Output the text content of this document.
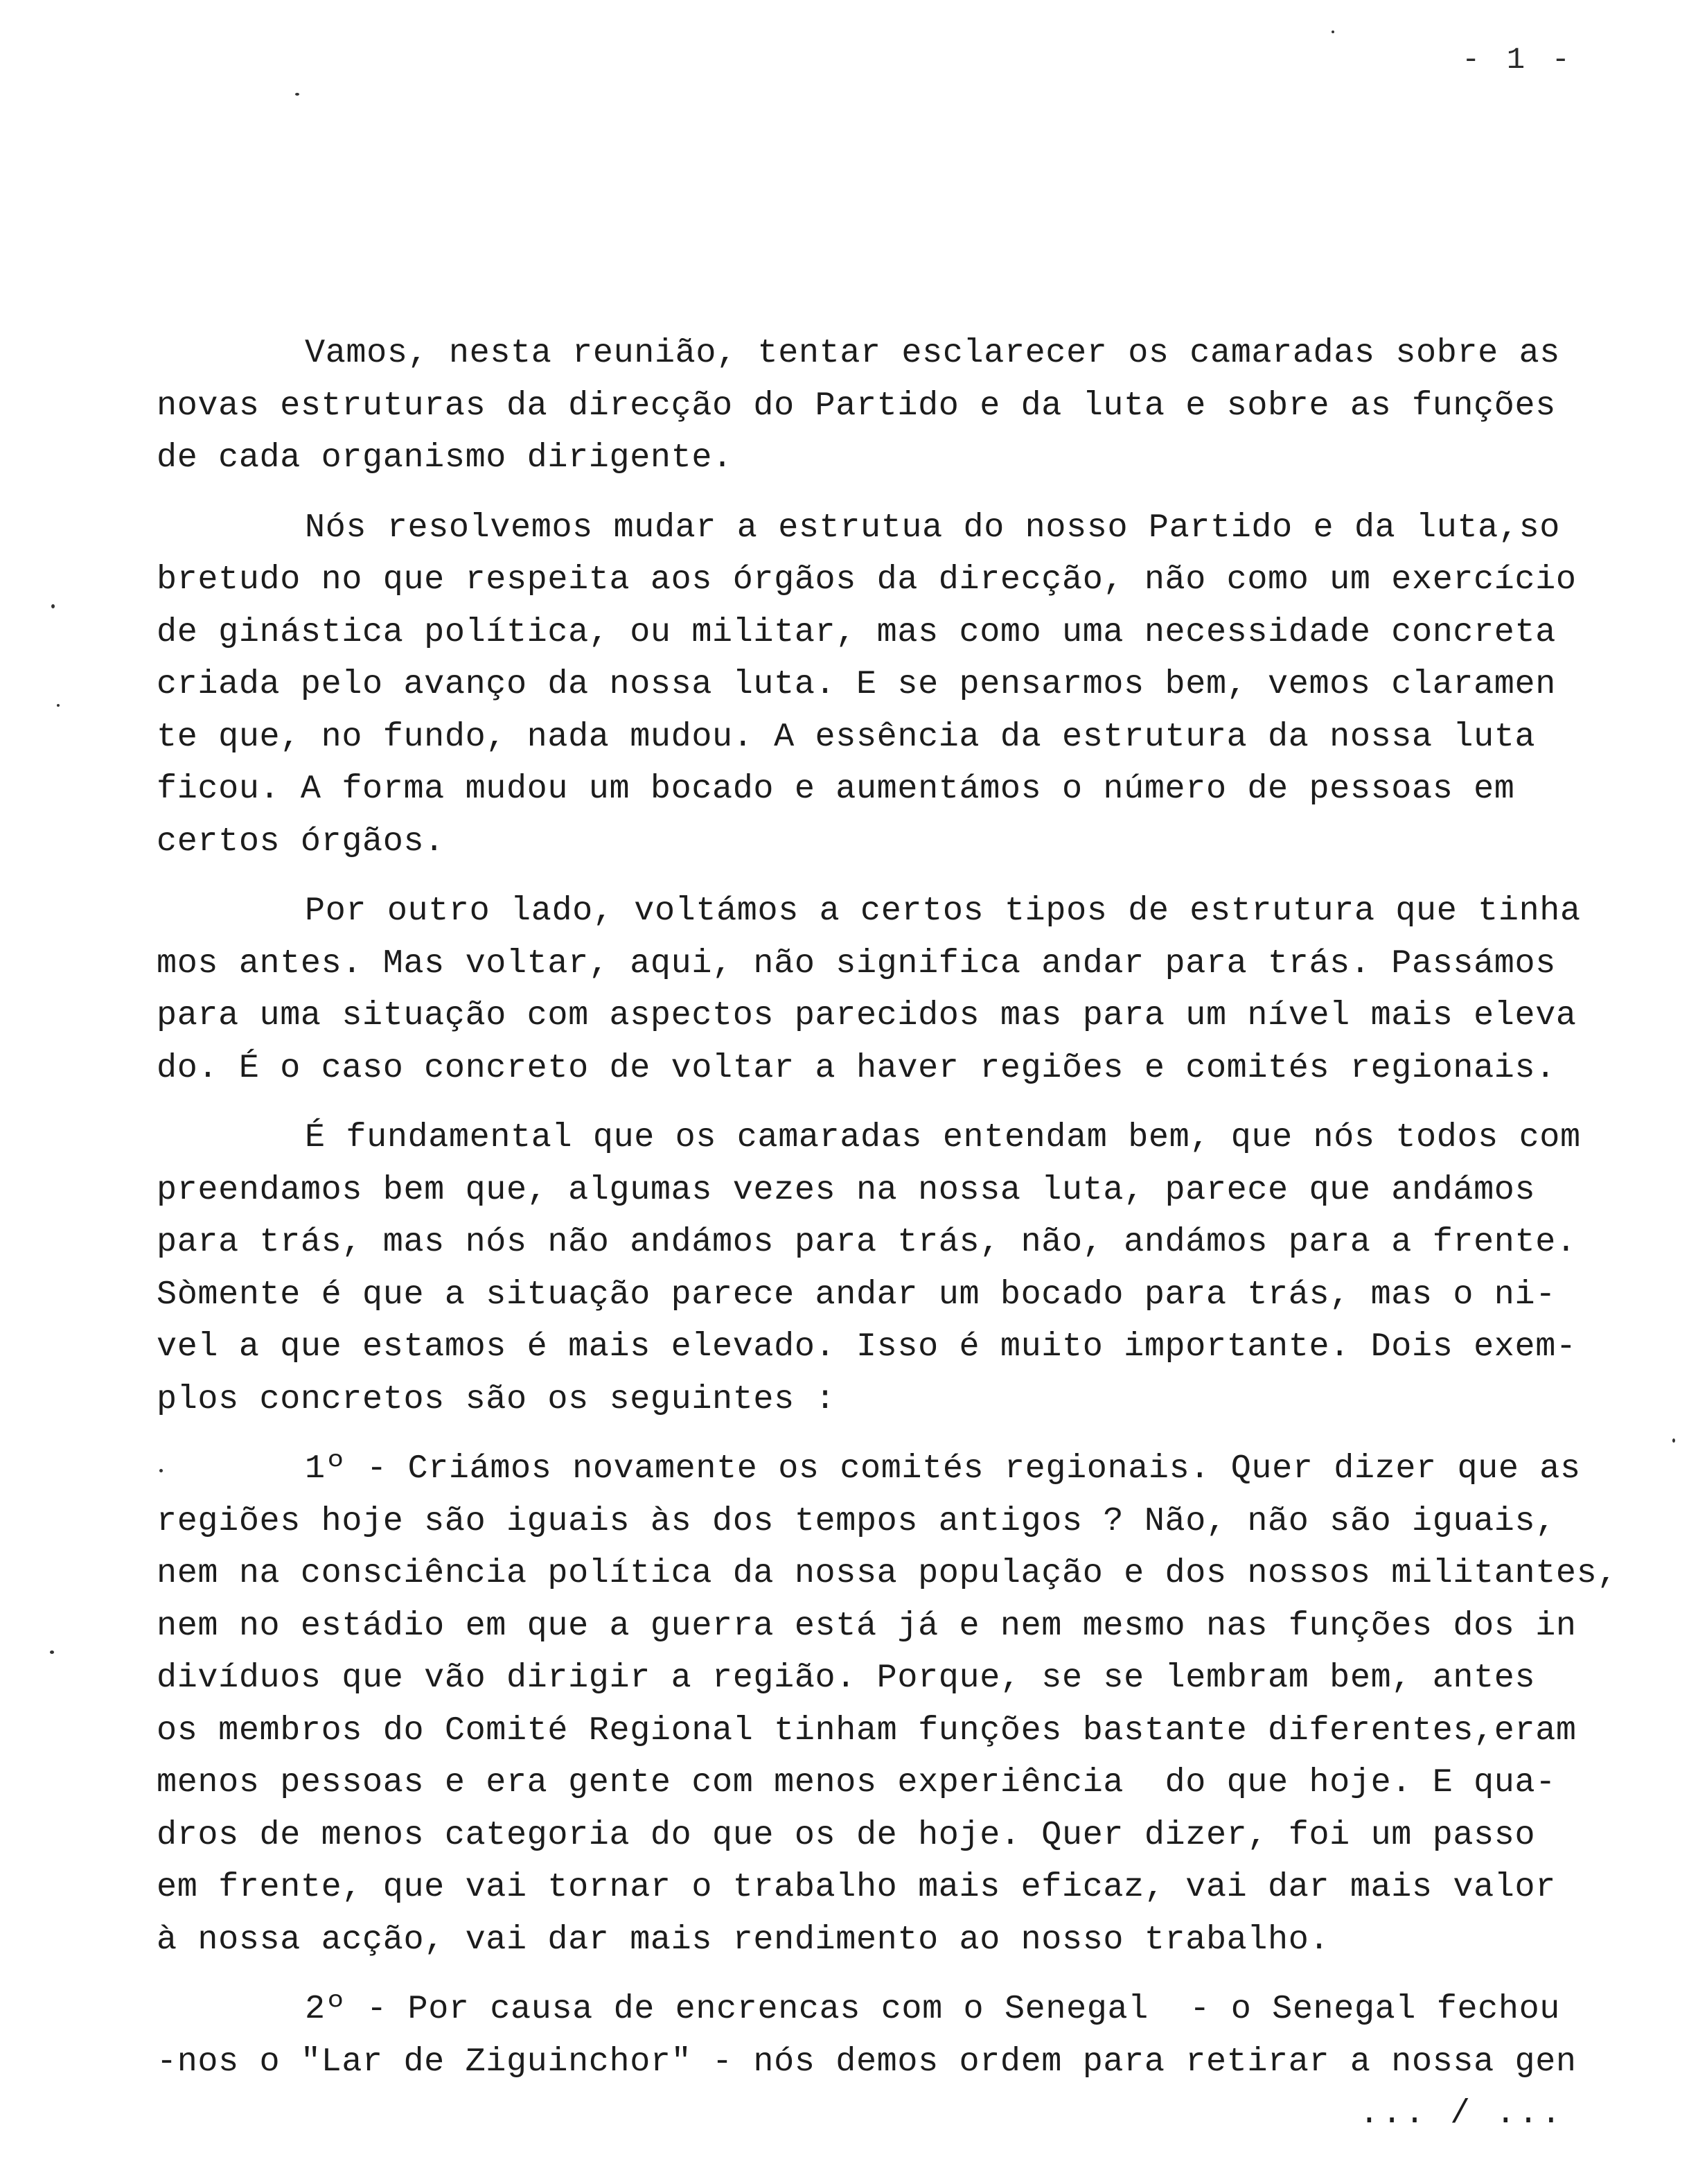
- 1 -
Vamos, nesta reunião, tentar esclarecer os camaradas sobre as
novas estruturas da direcção do Partido e da luta e sobre as funções
de cada organismo dirigente.
Nós resolvemos mudar a estrutua do nosso Partido e da luta,so
bretudo no que respeita aos órgãos da direcção, não como um exercício
de ginástica política, ou militar, mas como uma necessidade concreta
criada pelo avanço da nossa luta. E se pensarmos bem, vemos claramen
te que, no fundo, nada mudou. A essência da estrutura da nossa luta
ficou. A forma mudou um bocado e aumentámos o número de pessoas em
certos órgãos.
Por outro lado, voltámos a certos tipos de estrutura que tinha
mos antes. Mas voltar, aqui, não significa andar para trás. Passámos
para uma situação com aspectos parecidos mas para um nível mais eleva
do. É o caso concreto de voltar a haver regiões e comités regionais.
É fundamental que os camaradas entendam bem, que nós todos com
preendamos bem que, algumas vezes na nossa luta, parece que andámos
para trás, mas nós não andámos para trás, não, andámos para a frente.
Sòmente é que a situação parece andar um bocado para trás, mas o ni-
vel a que estamos é mais elevado. Isso é muito importante. Dois exem-
plos concretos são os seguintes :
1º - Criámos novamente os comités regionais. Quer dizer que as
regiões hoje são iguais às dos tempos antigos ? Não, não são iguais,
nem na consciência política da nossa população e dos nossos militantes,
nem no estádio em que a guerra está já e nem mesmo nas funções dos in
divíduos que vão dirigir a região. Porque, se se lembram bem, antes
os membros do Comité Regional tinham funções bastante diferentes,eram
menos pessoas e era gente com menos experiência  do que hoje. E qua-
dros de menos categoria do que os de hoje. Quer dizer, foi um passo
em frente, que vai tornar o trabalho mais eficaz, vai dar mais valor
à nossa acção, vai dar mais rendimento ao nosso trabalho.
2º - Por causa de encrencas com o Senegal  - o Senegal fechou
-nos o "Lar de Ziguinchor" - nós demos ordem para retirar a nossa gen
... / ...
